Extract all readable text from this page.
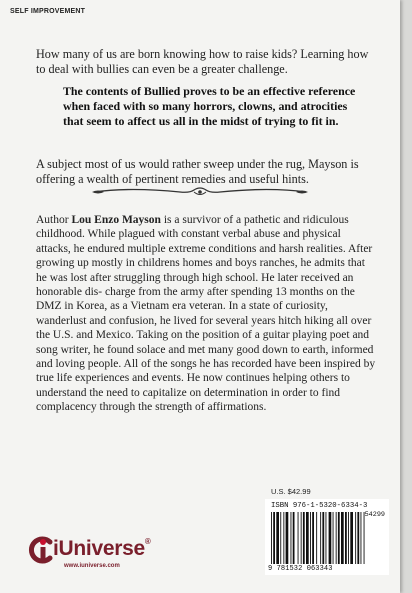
SELF IMPROVEMENT
How many of us are born knowing how to raise kids? Learning how to deal with bullies can even be a greater challenge.
The contents of Bullied proves to be an effective reference when faced with so many horrors, clowns, and atrocities that seem to affect us all in the midst of trying to fit in.
A subject most of us would rather sweep under the rug, Mayson is offering a wealth of pertinent remedies and useful hints.
Author Lou Enzo Mayson is a survivor of a pathetic and ridiculous childhood. While plagued with constant verbal abuse and physical attacks, he endured multiple extreme conditions and harsh realities. After growing up mostly in childrens homes and boys ranches, he admits that he was lost after struggling through high school. He later received an honorable dis- charge from the army after spending 13 months on the DMZ in Korea, as a Vietnam era veteran. In a state of curiosity, wanderlust and confusion, he lived for several years hitch hiking all over the U.S. and Mexico. Taking on the position of a guitar playing poet and song writer, he found solace and met many good down to earth, informed and loving people. All of the songs he has recorded have been inspired by true life experiences and events. He now continues helping others to understand the need to capitalize on determination in order to find complacency through the strength of affirmations.
U.S. $42.99
ISBN 976-1-5320-6334-3
54299
9 781532 063343
iUniverse®
www.iuniverse.com
